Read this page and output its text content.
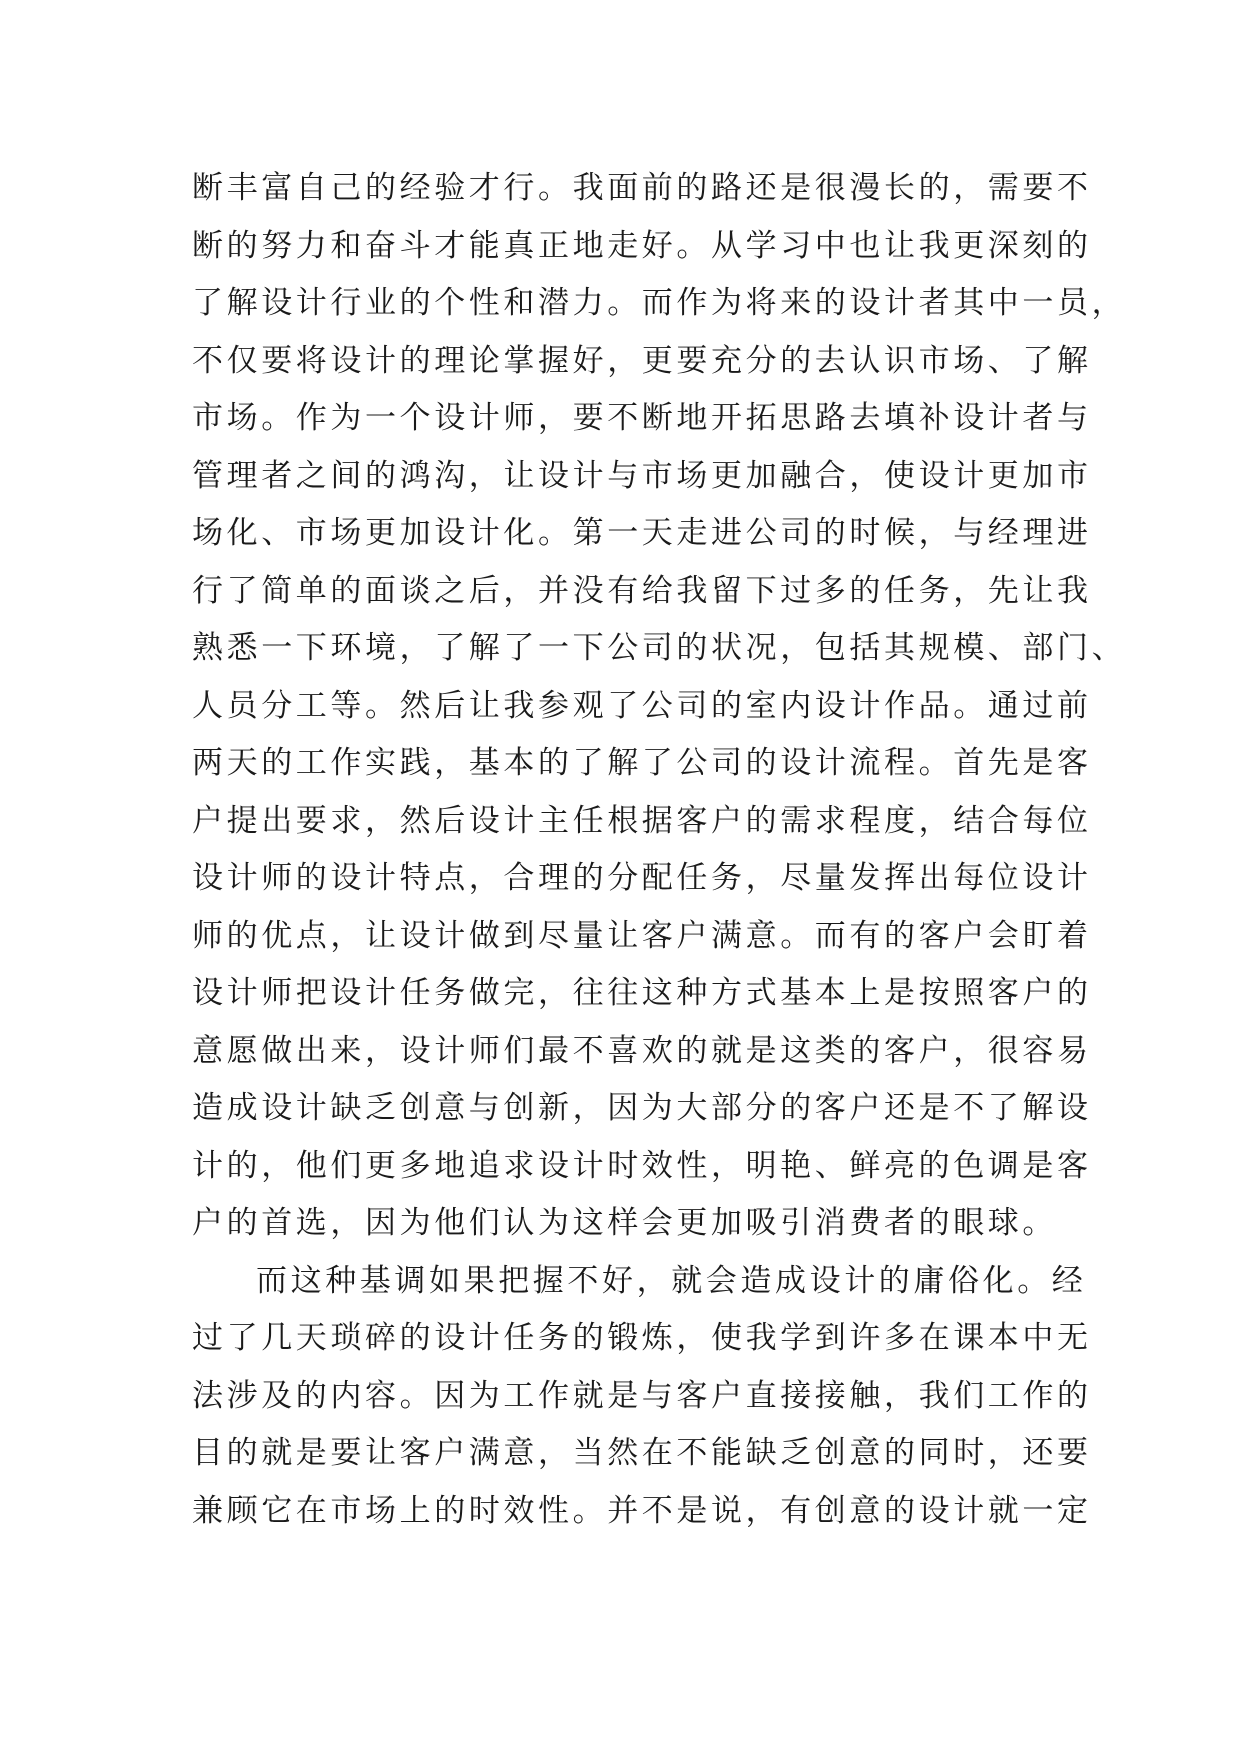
断丰富自己的经验才行。我面前的路还是很漫长的，需要不
断的努力和奋斗才能真正地走好。从学习中也让我更深刻的
了解设计行业的个性和潜力。而作为将来的设计者其中一员，
不仅要将设计的理论掌握好，更要充分的去认识市场、了解
市场。作为一个设计师，要不断地开拓思路去填补设计者与
管理者之间的鸿沟，让设计与市场更加融合，使设计更加市
场化、市场更加设计化。第一天走进公司的时候，与经理进
行了简单的面谈之后，并没有给我留下过多的任务，先让我
熟悉一下环境，了解了一下公司的状况，包括其规模、部门、
人员分工等。然后让我参观了公司的室内设计作品。通过前
两天的工作实践，基本的了解了公司的设计流程。首先是客
户提出要求，然后设计主任根据客户的需求程度，结合每位
设计师的设计特点，合理的分配任务，尽量发挥出每位设计
师的优点，让设计做到尽量让客户满意。而有的客户会盯着
设计师把设计任务做完，往往这种方式基本上是按照客户的
意愿做出来，设计师们最不喜欢的就是这类的客户，很容易
造成设计缺乏创意与创新，因为大部分的客户还是不了解设
计的，他们更多地追求设计时效性，明艳、鲜亮的色调是客
户的首选，因为他们认为这样会更加吸引消费者的眼球。
而这种基调如果把握不好，就会造成设计的庸俗化。经
过了几天琐碎的设计任务的锻炼，使我学到许多在课本中无
法涉及的内容。因为工作就是与客户直接接触，我们工作的
目的就是要让客户满意，当然在不能缺乏创意的同时，还要
兼顾它在市场上的时效性。并不是说，有创意的设计就一定
